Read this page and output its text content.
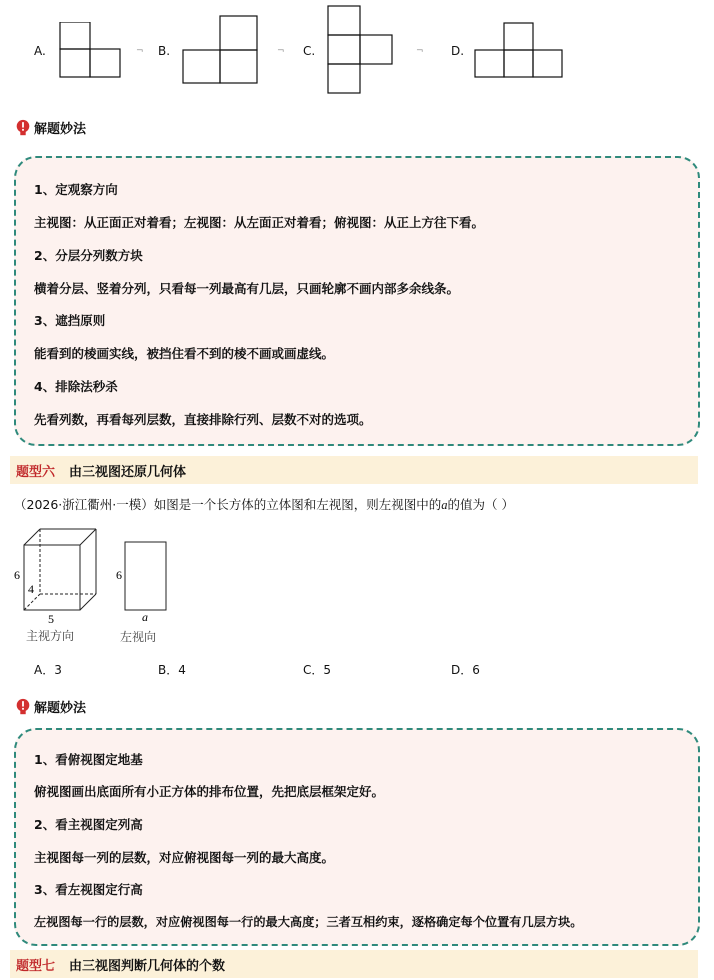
A.	¬ B.	¬ C.	¬ D.
解题妙法
1、定观察方向
主视图：从正面正对着看；左视图：从左面正对着看；俯视图：从正上方往下看。
2、分层分列数方块
横着分层、竖着分列，只看每一列最高有几层，只画轮廓不画内部多余线条。
3、遮挡原则
能看到的棱画实线，被挡住看不到的棱不画或画虚线。
4、排除法秒杀
先看列数，再看每列层数，直接排除行列、层数不对的选项。
题型六 由三视图还原几何体
（2026·浙江衢州·一模）如图是一个长方体的立体图和左视图，则左视图中的a的值为（ ）
6
4
5
主视方向
6
a
左视向
A．3	B．4	C．5	D．6
解题妙法
1、看俯视图定地基
俯视图画出底面所有小正方体的排布位置，先把底层框架定好。
2、看主视图定列高
主视图每一列的层数，对应俯视图每一列的最大高度。
3、看左视图定行高
左视图每一行的层数，对应俯视图每一行的最大高度；三者互相约束，逐格确定每个位置有几层方块。
题型七 由三视图判断几何体的个数
